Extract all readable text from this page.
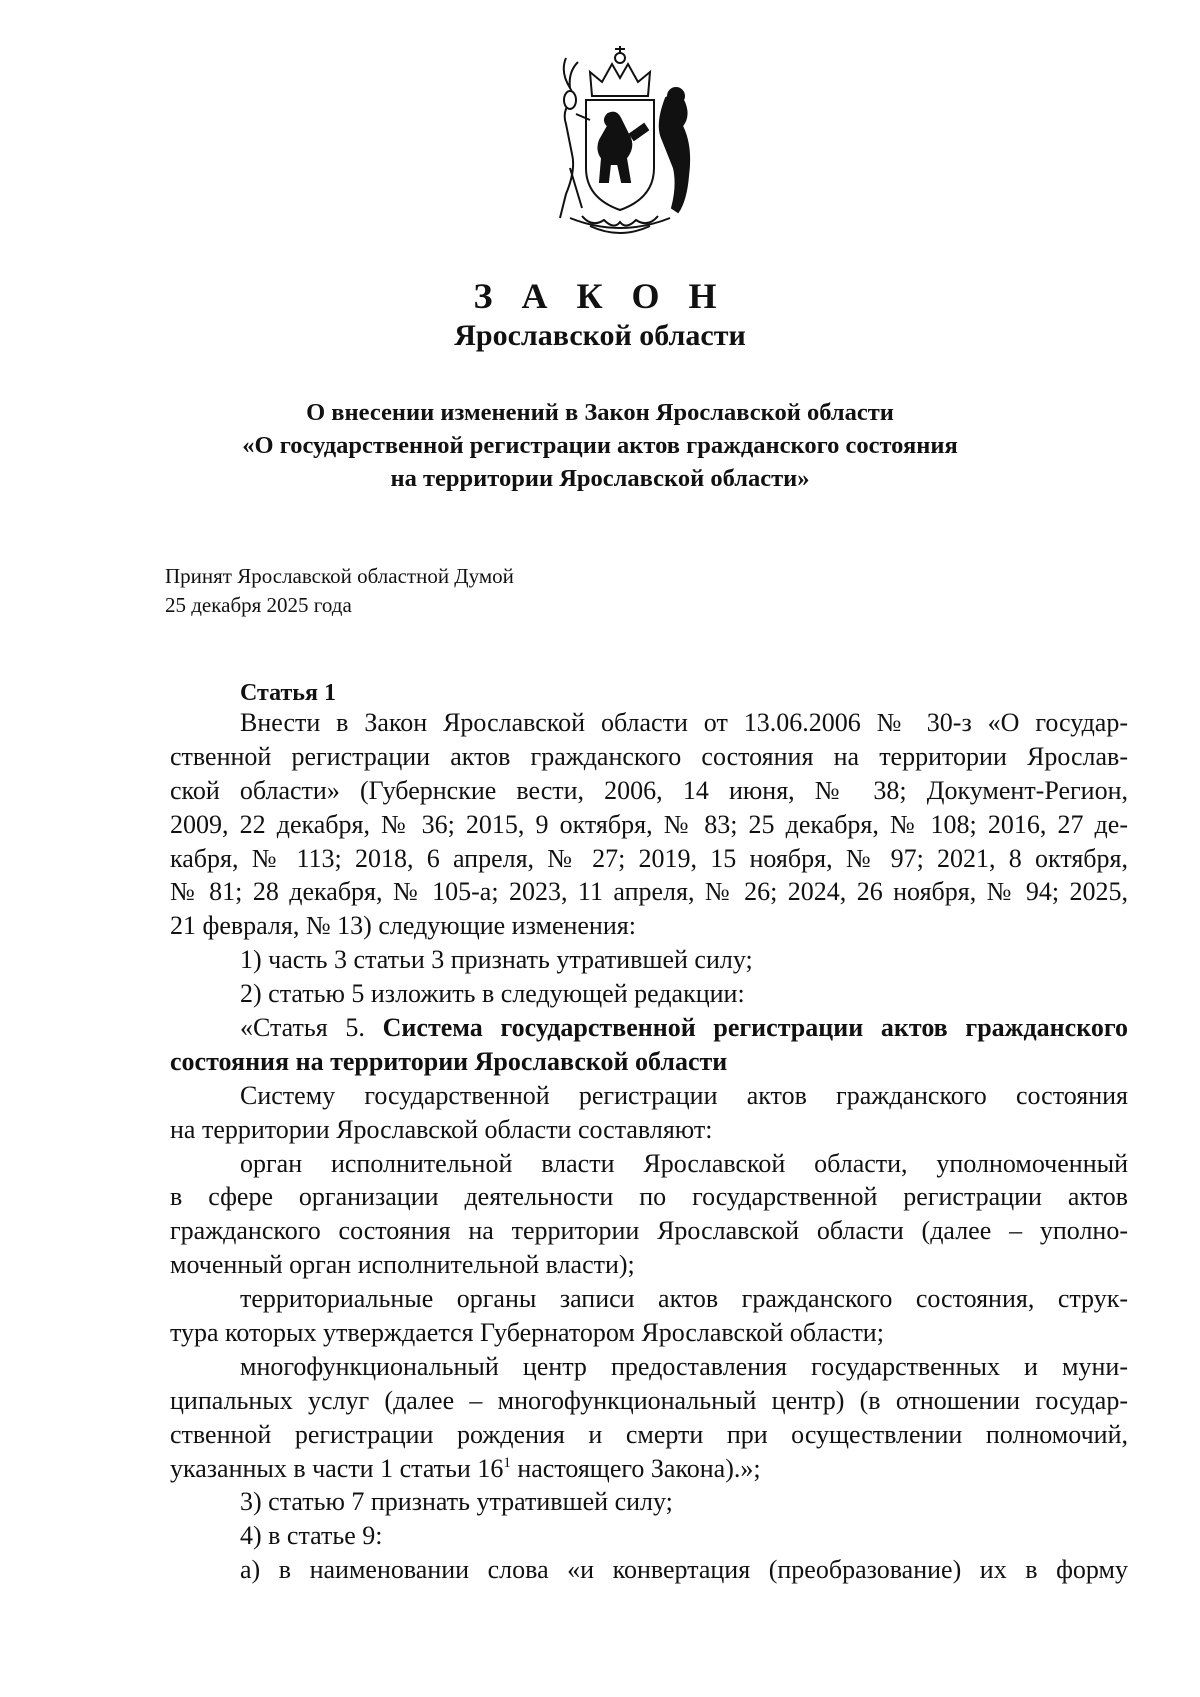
З А К О Н
Ярославской области
О внесении изменений в Закон Ярославской области
«О государственной регистрации актов гражданского состояния
на территории Ярославской области»
Принят Ярославской областной Думой
25 декабря 2025 года
Статья 1
Внести в Закон Ярославской области от 13.06.2006 № 30-з «О государ-
ственной регистрации актов гражданского состояния на территории Ярослав-
ской области» (Губернские вести, 2006, 14 июня, № 38; Документ-Регион,
2009, 22 декабря, № 36; 2015, 9 октября, № 83; 25 декабря, № 108; 2016, 27 де-
кабря, № 113; 2018, 6 апреля, № 27; 2019, 15 ноября, № 97; 2021, 8 октября,
№ 81; 28 декабря, № 105-а; 2023, 11 апреля, № 26; 2024, 26 ноября, № 94; 2025,
21 февраля, № 13) следующие изменения:
1) часть 3 статьи 3 признать утратившей силу;
2) статью 5 изложить в следующей редакции:
«Статья 5. Система государственной регистрации актов гражданского
состояния на территории Ярославской области
Систему государственной регистрации актов гражданского состояния
на территории Ярославской области составляют:
орган исполнительной власти Ярославской области, уполномоченный
в сфере организации деятельности по государственной регистрации актов
гражданского состояния на территории Ярославской области (далее – уполно-
моченный орган исполнительной власти);
территориальные органы записи актов гражданского состояния, струк-
тура которых утверждается Губернатором Ярославской области;
многофункциональный центр предоставления государственных и муни-
ципальных услуг (далее – многофункциональный центр) (в отношении государ-
ственной регистрации рождения и смерти при осуществлении полномочий,
указанных в части 1 статьи $16^1$ настоящего Закона).»;
3) статью 7 признать утратившей силу;
4) в статье 9:
а) в наименовании слова «и конвертация (преобразование) их в форму
